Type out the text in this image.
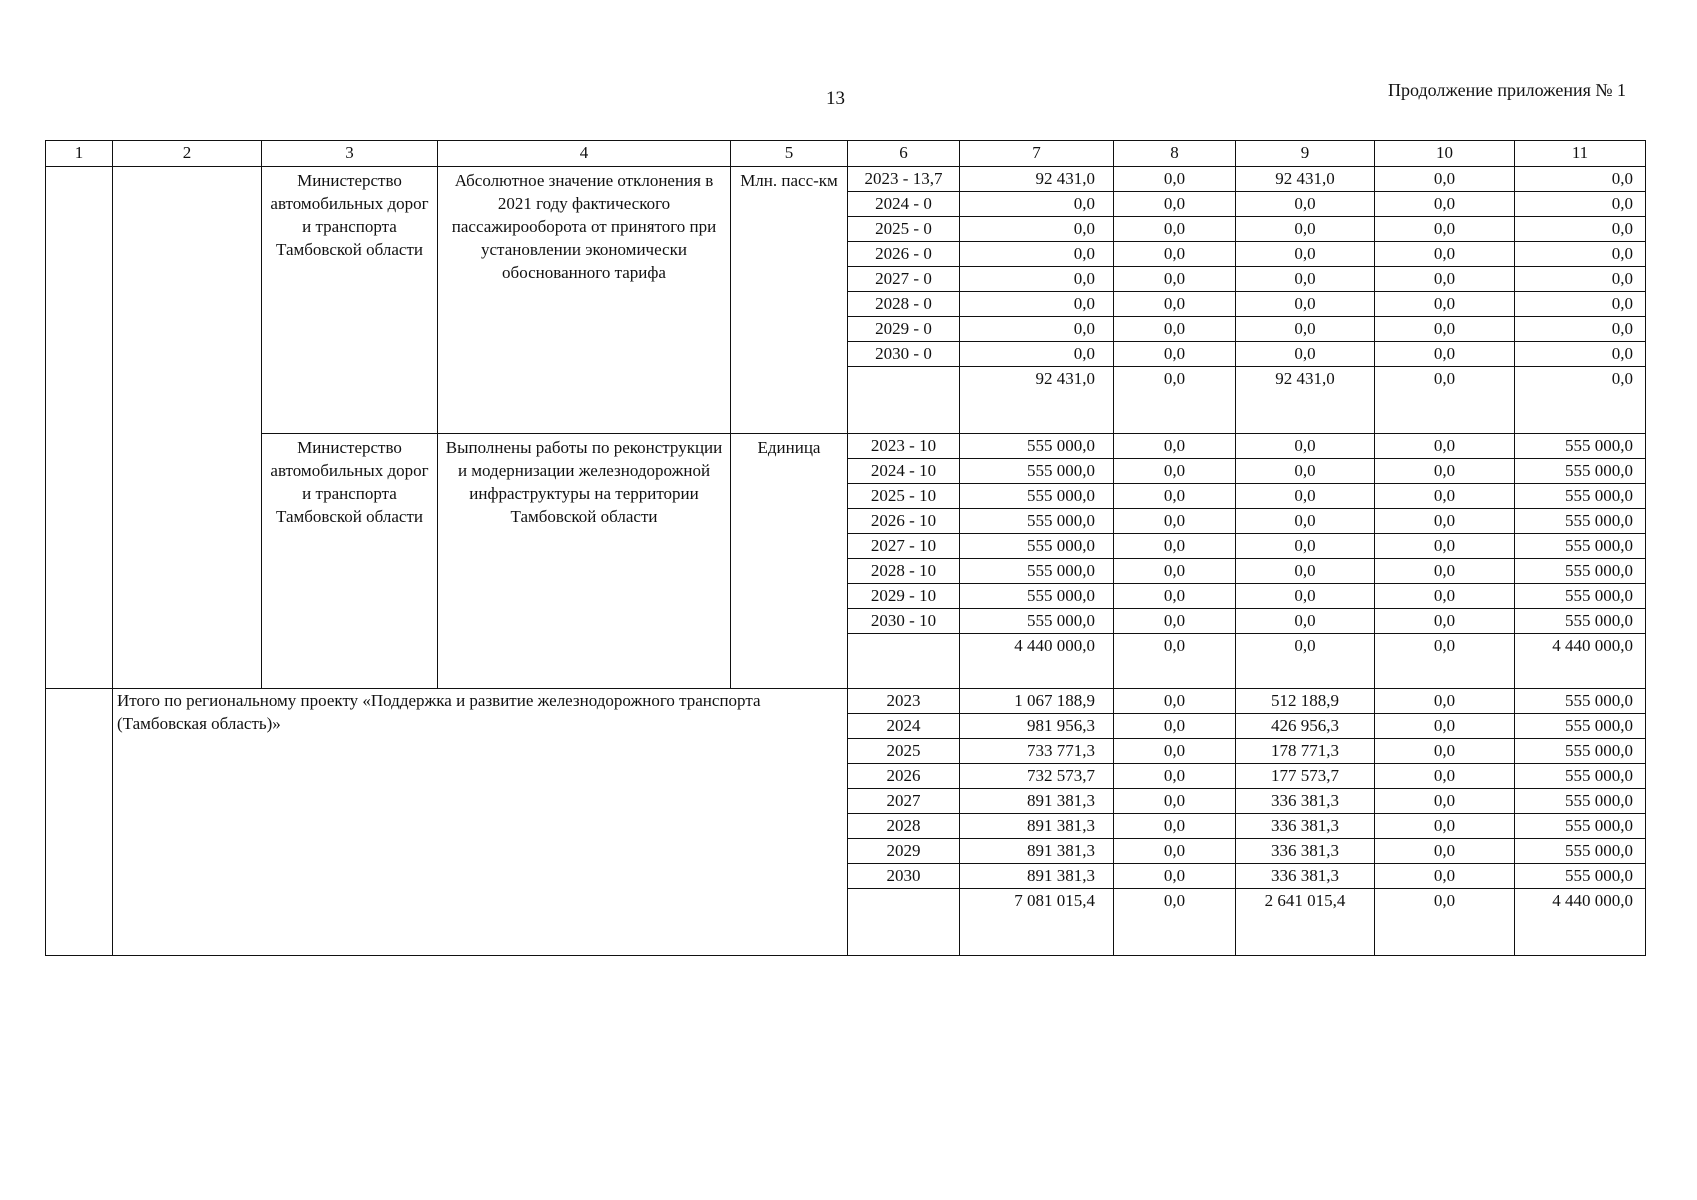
13	Продолжение приложения № 1
1	2	3	4	5	6	7	8	9	10	11
		Министерство автомобильных дорог и транспорта Тамбовской области	Абсолютное значение отклонения в 2021 году фактического пассажирооборота от принятого при установлении экономически обоснованного тарифа	Млн. пасс-км	2023 - 13,7	92 431,0	0,0	92 431,0	0,0	0,0
					2024 - 0	0,0	0,0	0,0	0,0	0,0
					2025 - 0	0,0	0,0	0,0	0,0	0,0
					2026 - 0	0,0	0,0	0,0	0,0	0,0
					2027 - 0	0,0	0,0	0,0	0,0	0,0
					2028 - 0	0,0	0,0	0,0	0,0	0,0
					2029 - 0	0,0	0,0	0,0	0,0	0,0
					2030 - 0	0,0	0,0	0,0	0,0	0,0
						92 431,0	0,0	92 431,0	0,0	0,0
		Министерство автомобильных дорог и транспорта Тамбовской области	Выполнены работы по реконструкции и модернизации железнодорожной инфраструктуры на территории Тамбовской области	Единица	2023 - 10	555 000,0	0,0	0,0	0,0	555 000,0
					2024 - 10	555 000,0	0,0	0,0	0,0	555 000,0
					2025 - 10	555 000,0	0,0	0,0	0,0	555 000,0
					2026 - 10	555 000,0	0,0	0,0	0,0	555 000,0
					2027 - 10	555 000,0	0,0	0,0	0,0	555 000,0
					2028 - 10	555 000,0	0,0	0,0	0,0	555 000,0
					2029 - 10	555 000,0	0,0	0,0	0,0	555 000,0
					2030 - 10	555 000,0	0,0	0,0	0,0	555 000,0
						4 440 000,0	0,0	0,0	0,0	4 440 000,0
	Итого по региональному проекту «Поддержка и развитие железнодорожного транспорта (Тамбовская область)»				2023	1 067 188,9	0,0	512 188,9	0,0	555 000,0
					2024	981 956,3	0,0	426 956,3	0,0	555 000,0
					2025	733 771,3	0,0	178 771,3	0,0	555 000,0
					2026	732 573,7	0,0	177 573,7	0,0	555 000,0
					2027	891 381,3	0,0	336 381,3	0,0	555 000,0
					2028	891 381,3	0,0	336 381,3	0,0	555 000,0
					2029	891 381,3	0,0	336 381,3	0,0	555 000,0
					2030	891 381,3	0,0	336 381,3	0,0	555 000,0
						7 081 015,4	0,0	2 641 015,4	0,0	4 440 000,0
